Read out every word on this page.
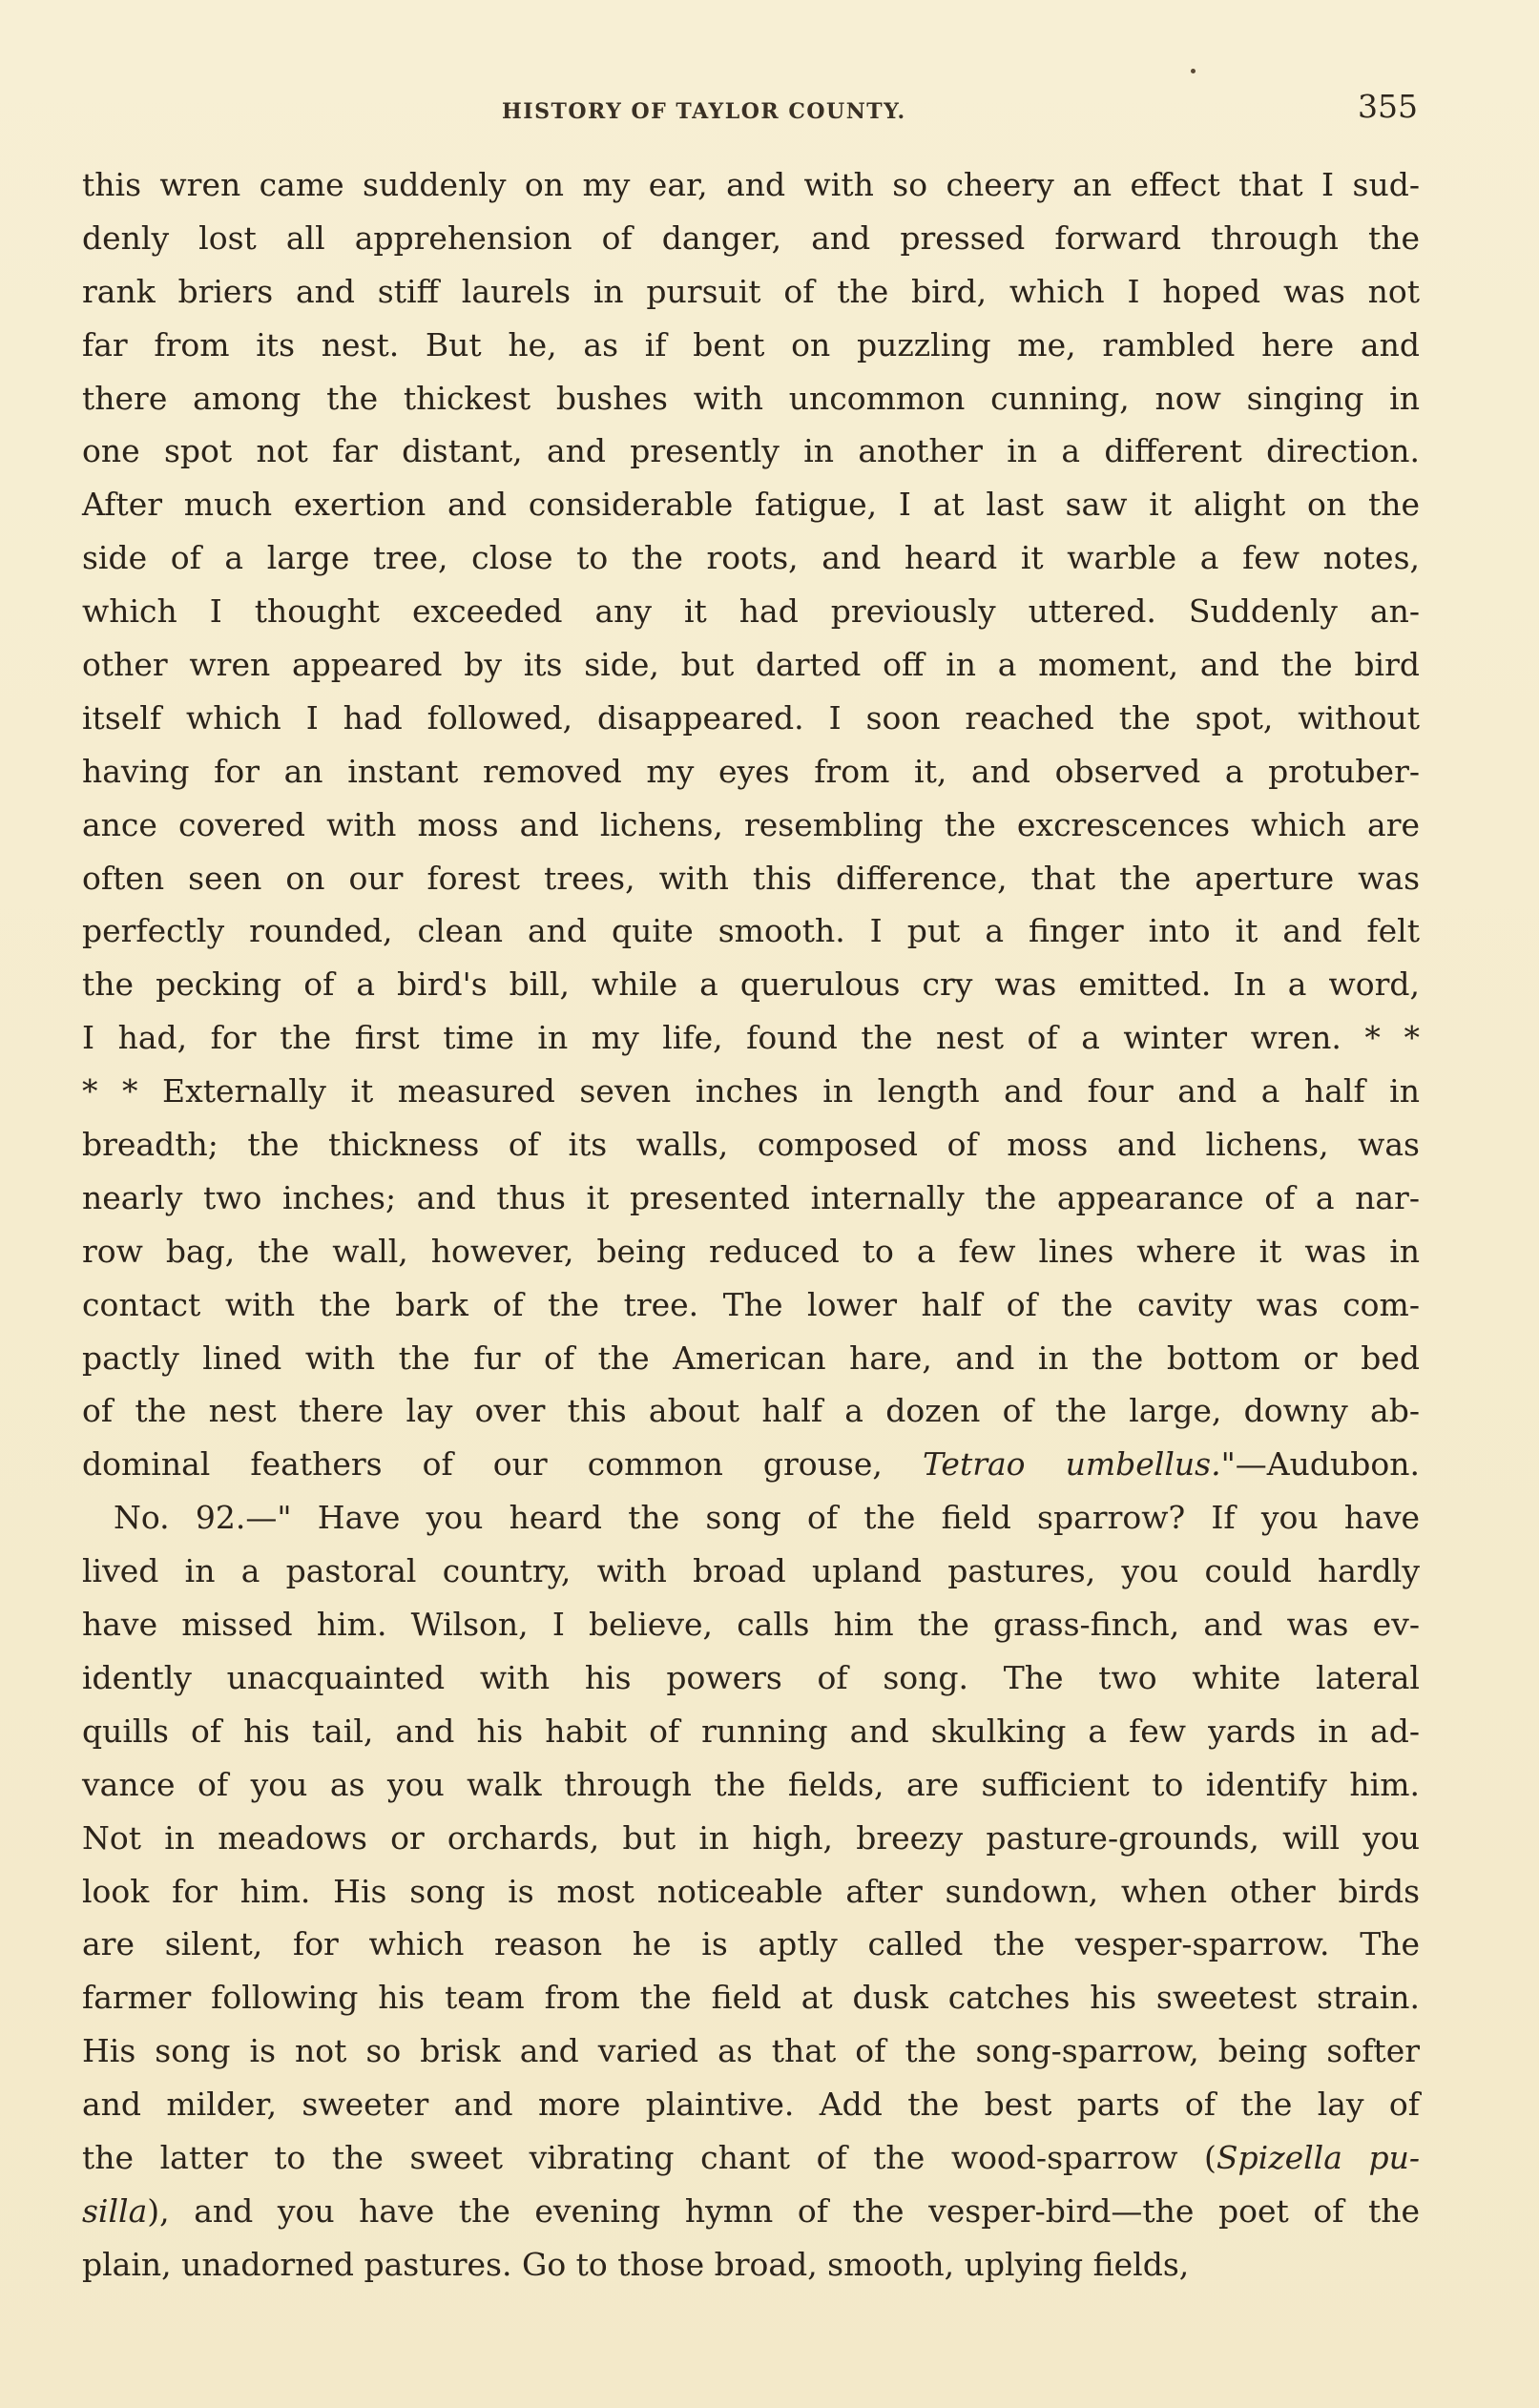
HISTORY OF TAYLOR COUNTY.	355
this wren came suddenly on my ear, and with so cheery an effect that I sud-
denly lost all apprehension of danger, and pressed forward through the
rank briers and stiff laurels in pursuit of the bird, which I hoped was not
far from its nest. But he, as if bent on puzzling me, rambled here and
there among the thickest bushes with uncommon cunning, now singing in
one spot not far distant, and presently in another in a different direction.
After much exertion and considerable fatigue, I at last saw it alight on the
side of a large tree, close to the roots, and heard it warble a few notes,
which I thought exceeded any it had previously uttered. Suddenly an-
other wren appeared by its side, but darted off in a moment, and the bird
itself which I had followed, disappeared. I soon reached the spot, without
having for an instant removed my eyes from it, and observed a protuber-
ance covered with moss and lichens, resembling the excrescences which are
often seen on our forest trees, with this difference, that the aperture was
perfectly rounded, clean and quite smooth. I put a finger into it and felt
the pecking of a bird's bill, while a querulous cry was emitted. In a word,
I had, for the first time in my life, found the nest of a winter wren. * *
* * Externally it measured seven inches in length and four and a half in
breadth; the thickness of its walls, composed of moss and lichens, was
nearly two inches; and thus it presented internally the appearance of a nar-
row bag, the wall, however, being reduced to a few lines where it was in
contact with the bark of the tree. The lower half of the cavity was com-
pactly lined with the fur of the American hare, and in the bottom or bed
of the nest there lay over this about half a dozen of the large, downy ab-
dominal feathers of our common grouse, Tetrao umbellus."—Audubon.
 No. 92.—" Have you heard the song of the field sparrow? If you have
lived in a pastoral country, with broad upland pastures, you could hardly
have missed him. Wilson, I believe, calls him the grass-finch, and was ev-
idently unacquainted with his powers of song. The two white lateral
quills of his tail, and his habit of running and skulking a few yards in ad-
vance of you as you walk through the fields, are sufficient to identify him.
Not in meadows or orchards, but in high, breezy pasture-grounds, will you
look for him. His song is most noticeable after sundown, when other birds
are silent, for which reason he is aptly called the vesper-sparrow. The
farmer following his team from the field at dusk catches his sweetest strain.
His song is not so brisk and varied as that of the song-sparrow, being softer
and milder, sweeter and more plaintive. Add the best parts of the lay of
the latter to the sweet vibrating chant of the wood-sparrow (Spizella pu-
silla), and you have the evening hymn of the vesper-bird—the poet of the
plain, unadorned pastures. Go to those broad, smooth, uplying fields,
